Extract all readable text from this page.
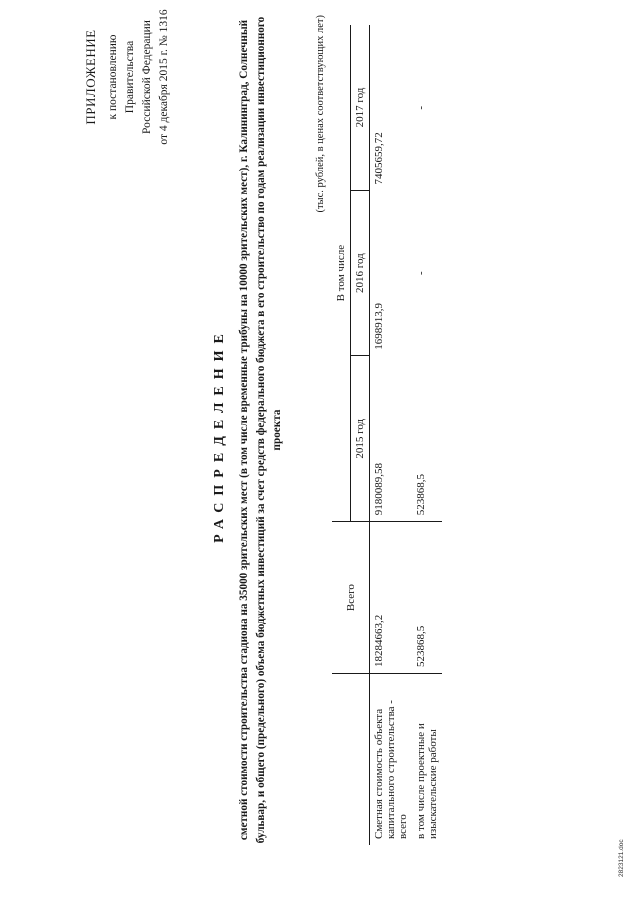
ПРИЛОЖЕНИЕ к постановлению Правительства Российской Федерации от 4 декабря 2015 г. № 1316
РАСПРЕДЕЛЕНИЕ сметной стоимости строительства стадиона на 35000 зрительских мест (в том числе временные трибуны на 10000 зрительских мест), г. Калининград, Солнечный бульвар, и общего (предельного) объема бюджетных инвестиций за счет средств федерального бюджета в его строительство по годам реализации инвестиционного проекта
(тыс. рублей, в ценах соответствующих лет)
	Всего	В том числе		
		2015 год	2016 год	2017 год
Сметная стоимость объекта капитального строительства - всего	18284663,2	9180089,58	1698913,9	7405659,72
в том числе проектные и изыскательские работы	523868,5	523868,5	-	-
2823121.doc
